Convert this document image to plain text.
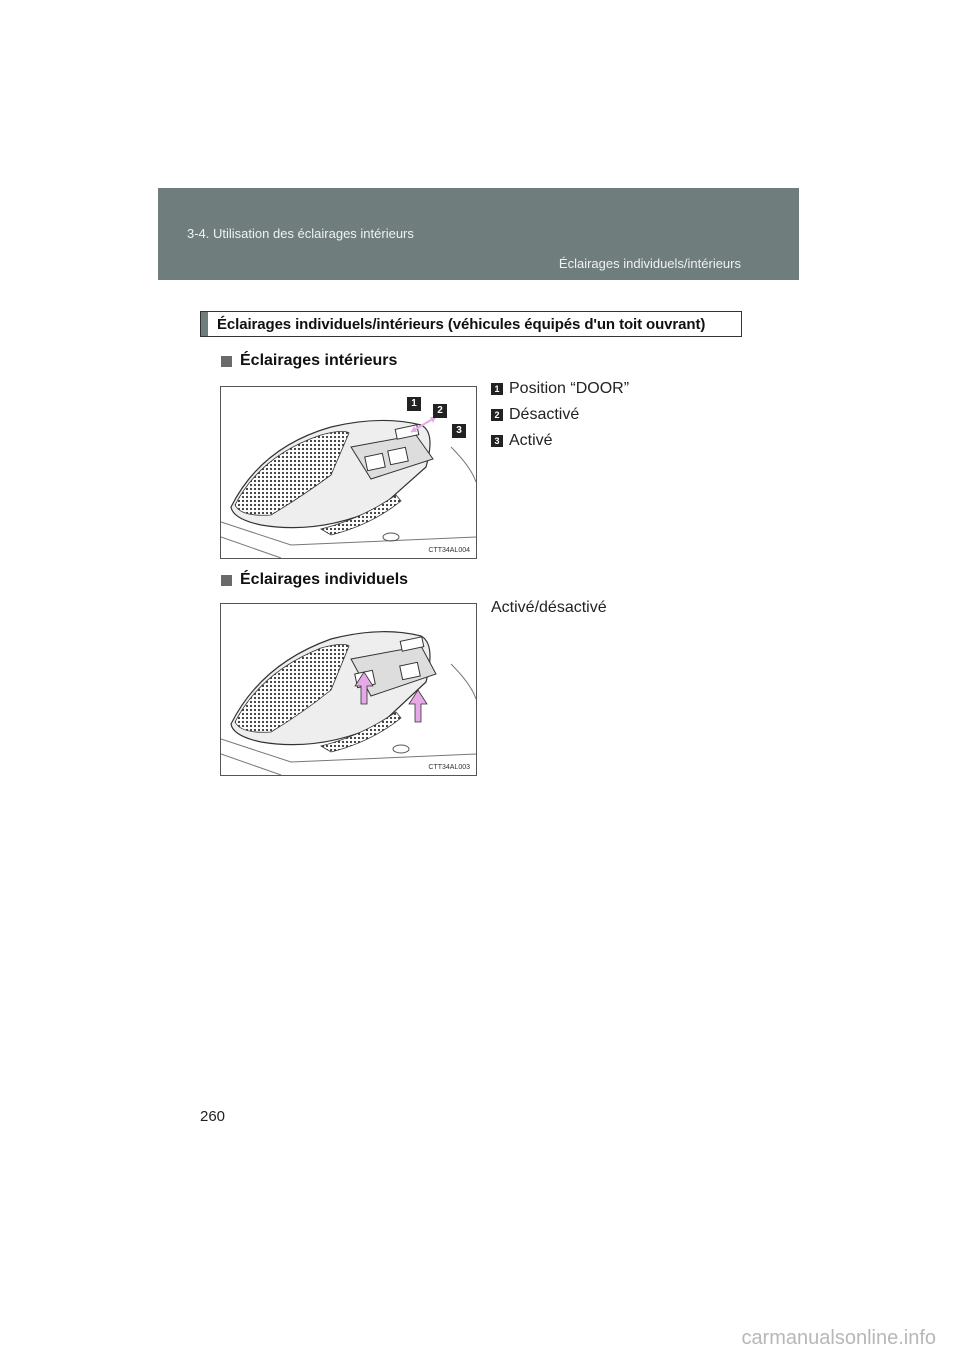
3-4. Utilisation des éclairages intérieurs
Éclairages individuels/intérieurs
Éclairages individuels/intérieurs (véhicules équipés d'un toit ouvrant)
Éclairages intérieurs
1
2
3
CTT34AL004
1 Position “DOOR”
2 Désactivé
3 Activé
Éclairages individuels
CTT34AL003
Activé/désactivé
260
carmanualsonline.info
